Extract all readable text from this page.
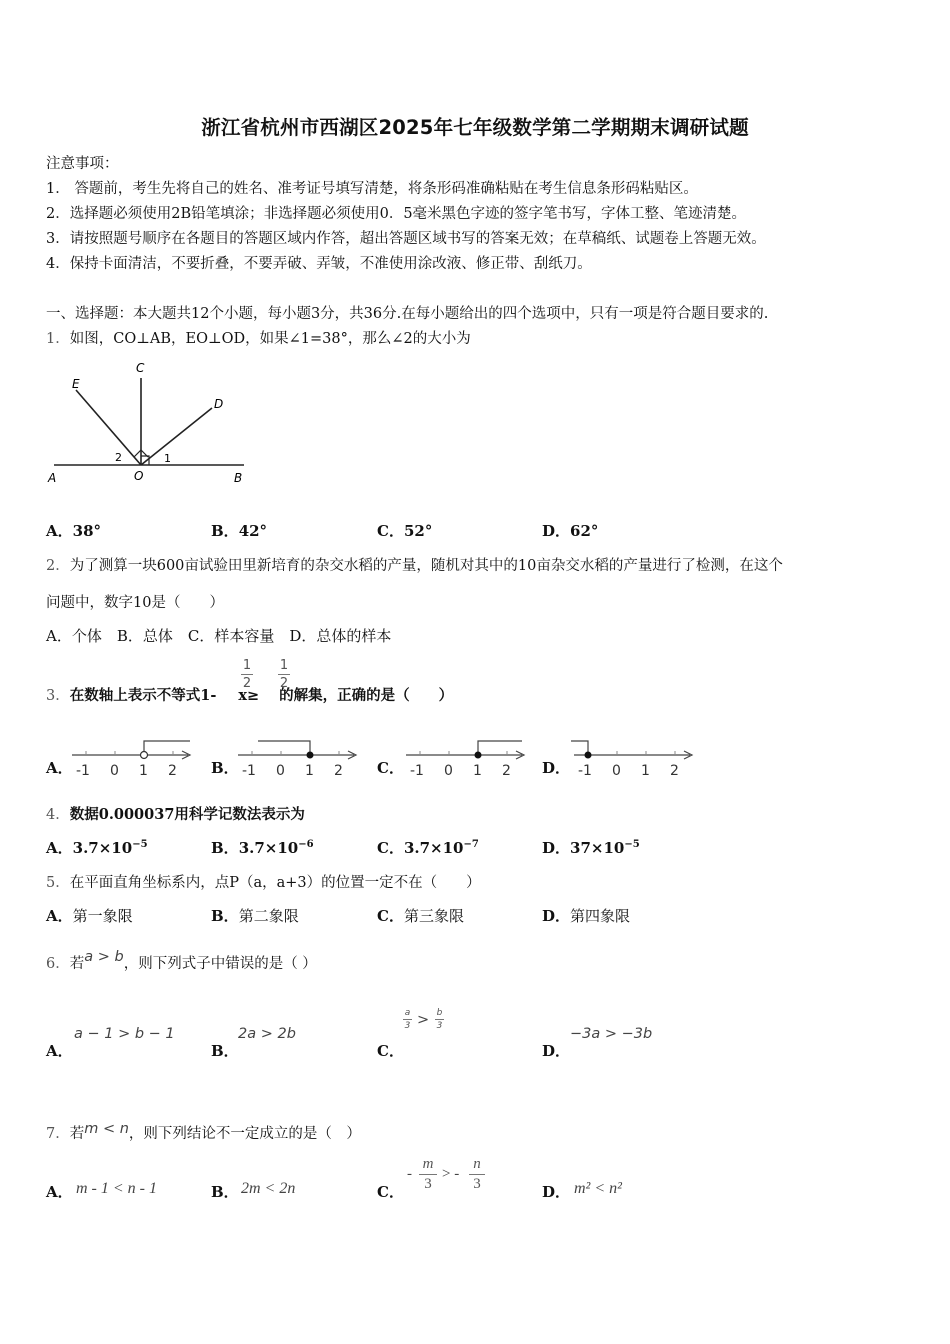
浙江省杭州市西湖区2025年七年级数学第二学期期末调研试题
注意事项：
1． 答题前，考生先将自己的姓名、准考证号填写清楚，将条形码准确粘贴在考生信息条形码粘贴区。
2．选择题必须使用2B铅笔填涂；非选择题必须使用0．5毫米黑色字迹的签字笔书写，字体工整、笔迹清楚。
3．请按照题号顺序在各题目的答题区域内作答，超出答题区域书写的答案无效；在草稿纸、试题卷上答题无效。
4．保持卡面清洁，不要折叠，不要弄破、弄皱，不准使用涂改液、修正带、刮纸刀。
一、选择题：本大题共12个小题，每小题3分，共36分.在每小题给出的四个选项中，只有一项是符合题目要求的.
1．如图，CO⊥AB，EO⊥OD，如果∠1=38°，那么∠2的大小为
E
C
D
A	O	B
2	1
A．38°	B．42°	C．52°	D．62°
2．为了测算一块600亩试验田里新培育的杂交水稻的产量，随机对其中的10亩杂交水稻的产量进行了检测，在这个
问题中，数字10是（　　）
A．个体　B．总体　C．样本容量　D．总体的样本
3．在数轴上表示不等式1- x≥ 的解集，正确的是（　　）
1
2
1
2
A． -1 0 1 2 B． -1 0 1 2 C． -1 0 1 2 D． -1 0 1 2
4．数据0.000037用科学记数法表示为
A．$3.7\times 10^{-5}$	B．$3.7\times 10^{-6}$	C．$3.7\times 10^{-7}$	D．$37\times 10^{-5}$
5．在平面直角坐标系内，点P（a，a+3）的位置一定不在（　　）
A．第一象限	B．第二象限	C．第三象限	D．第四象限
6．若a > b，则下列式子中错误的是（ ）
A．
a − 1 > b − 1
B．
2a > 2b
C．
a
3 > b
3
D．
−3a > −3b
7．若m < n，则下列结论不一定成立的是（　）
A． m - 1 < n - 1	B． 2m < 2n	C．
-
m
3
> -
n
3	D． m² < n²
